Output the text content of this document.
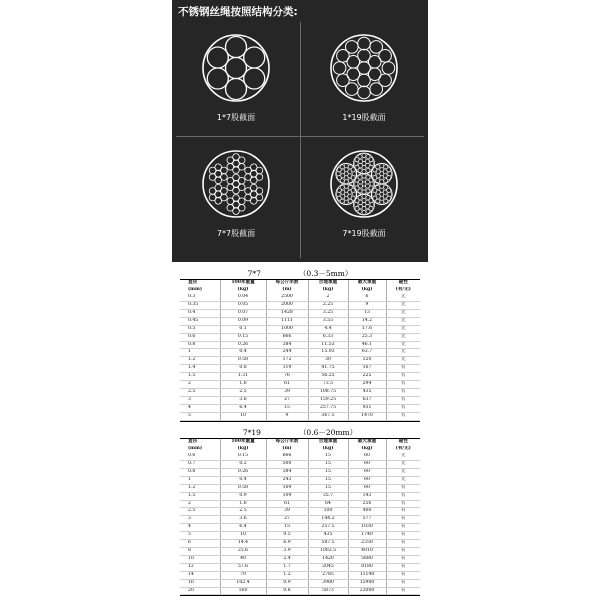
不锈钢丝绳按照结构分类:
1*7股截面	1*19股截面
7*7股截面	7*19股截面
7*7	（0.3－5mm）
直径	100米重量	每公斤米数	合理承重	最大承重	磁性
(mm)	(kg)	(m)	(kg)	(kg)	(有/无)
0.3	0.04	2500	2	6	无
0.35	0.05	2000	2.25	9	无
0.4	0.07	1428	3.25	13	无
0.45	0.09	1111	3.55	14.2	无
0.5	0.1	1000	4.4	17.6	无
0.6	0.15	666	6.33	25.3	无
0.8	0.26	384	11.53	46.1	无
1	0.4	244	15.93	63.7	无
1.2	0.58	172	30	120	无
1.4	0.8	119	41.75	167	有
1.5	1.31	76	56.25	225	有
2	1.6	61	73.5	294	有
2.5	2.5	39	108.75	435	有
3	3.6	27	159.25	637	有
4	6.4	15	257.75	931	有
5	10	9	367.5	1470	有
7*19	（0.6－20mm）
直径	100米重量	每公斤米数	合理承重	最大承重	磁性
(mm)	(kg)	(m)	(kg)	(kg)	(有/无)
0.6	0.15	666	15	60	无
0.7	0.2	500	15	60	无
0.8	0.26	384	15	60	无
1	0.4	243	15	60	无
1.2	0.58	169	15	60	有
1.5	0.9	109	35.7	143	有
2	1.6	61	64	256	有
2.5	2.5	39	100	400	有
3	3.6	27	144.2	577	有
4	6.4	15	257.5	1030	有
5	10	9.5	435	1740	有
6	14.4	6.9	587.5	2350	有
8	25.6	3.9	1002.5	4010	有
10	40	2.4	1420	5680	有
12	57.6	1.7	2045	8180	有
14	79	1.2	2785	11140	有
16	102.4	0.9	3980	15900	有
20	160	0.6	5873	23000	有
